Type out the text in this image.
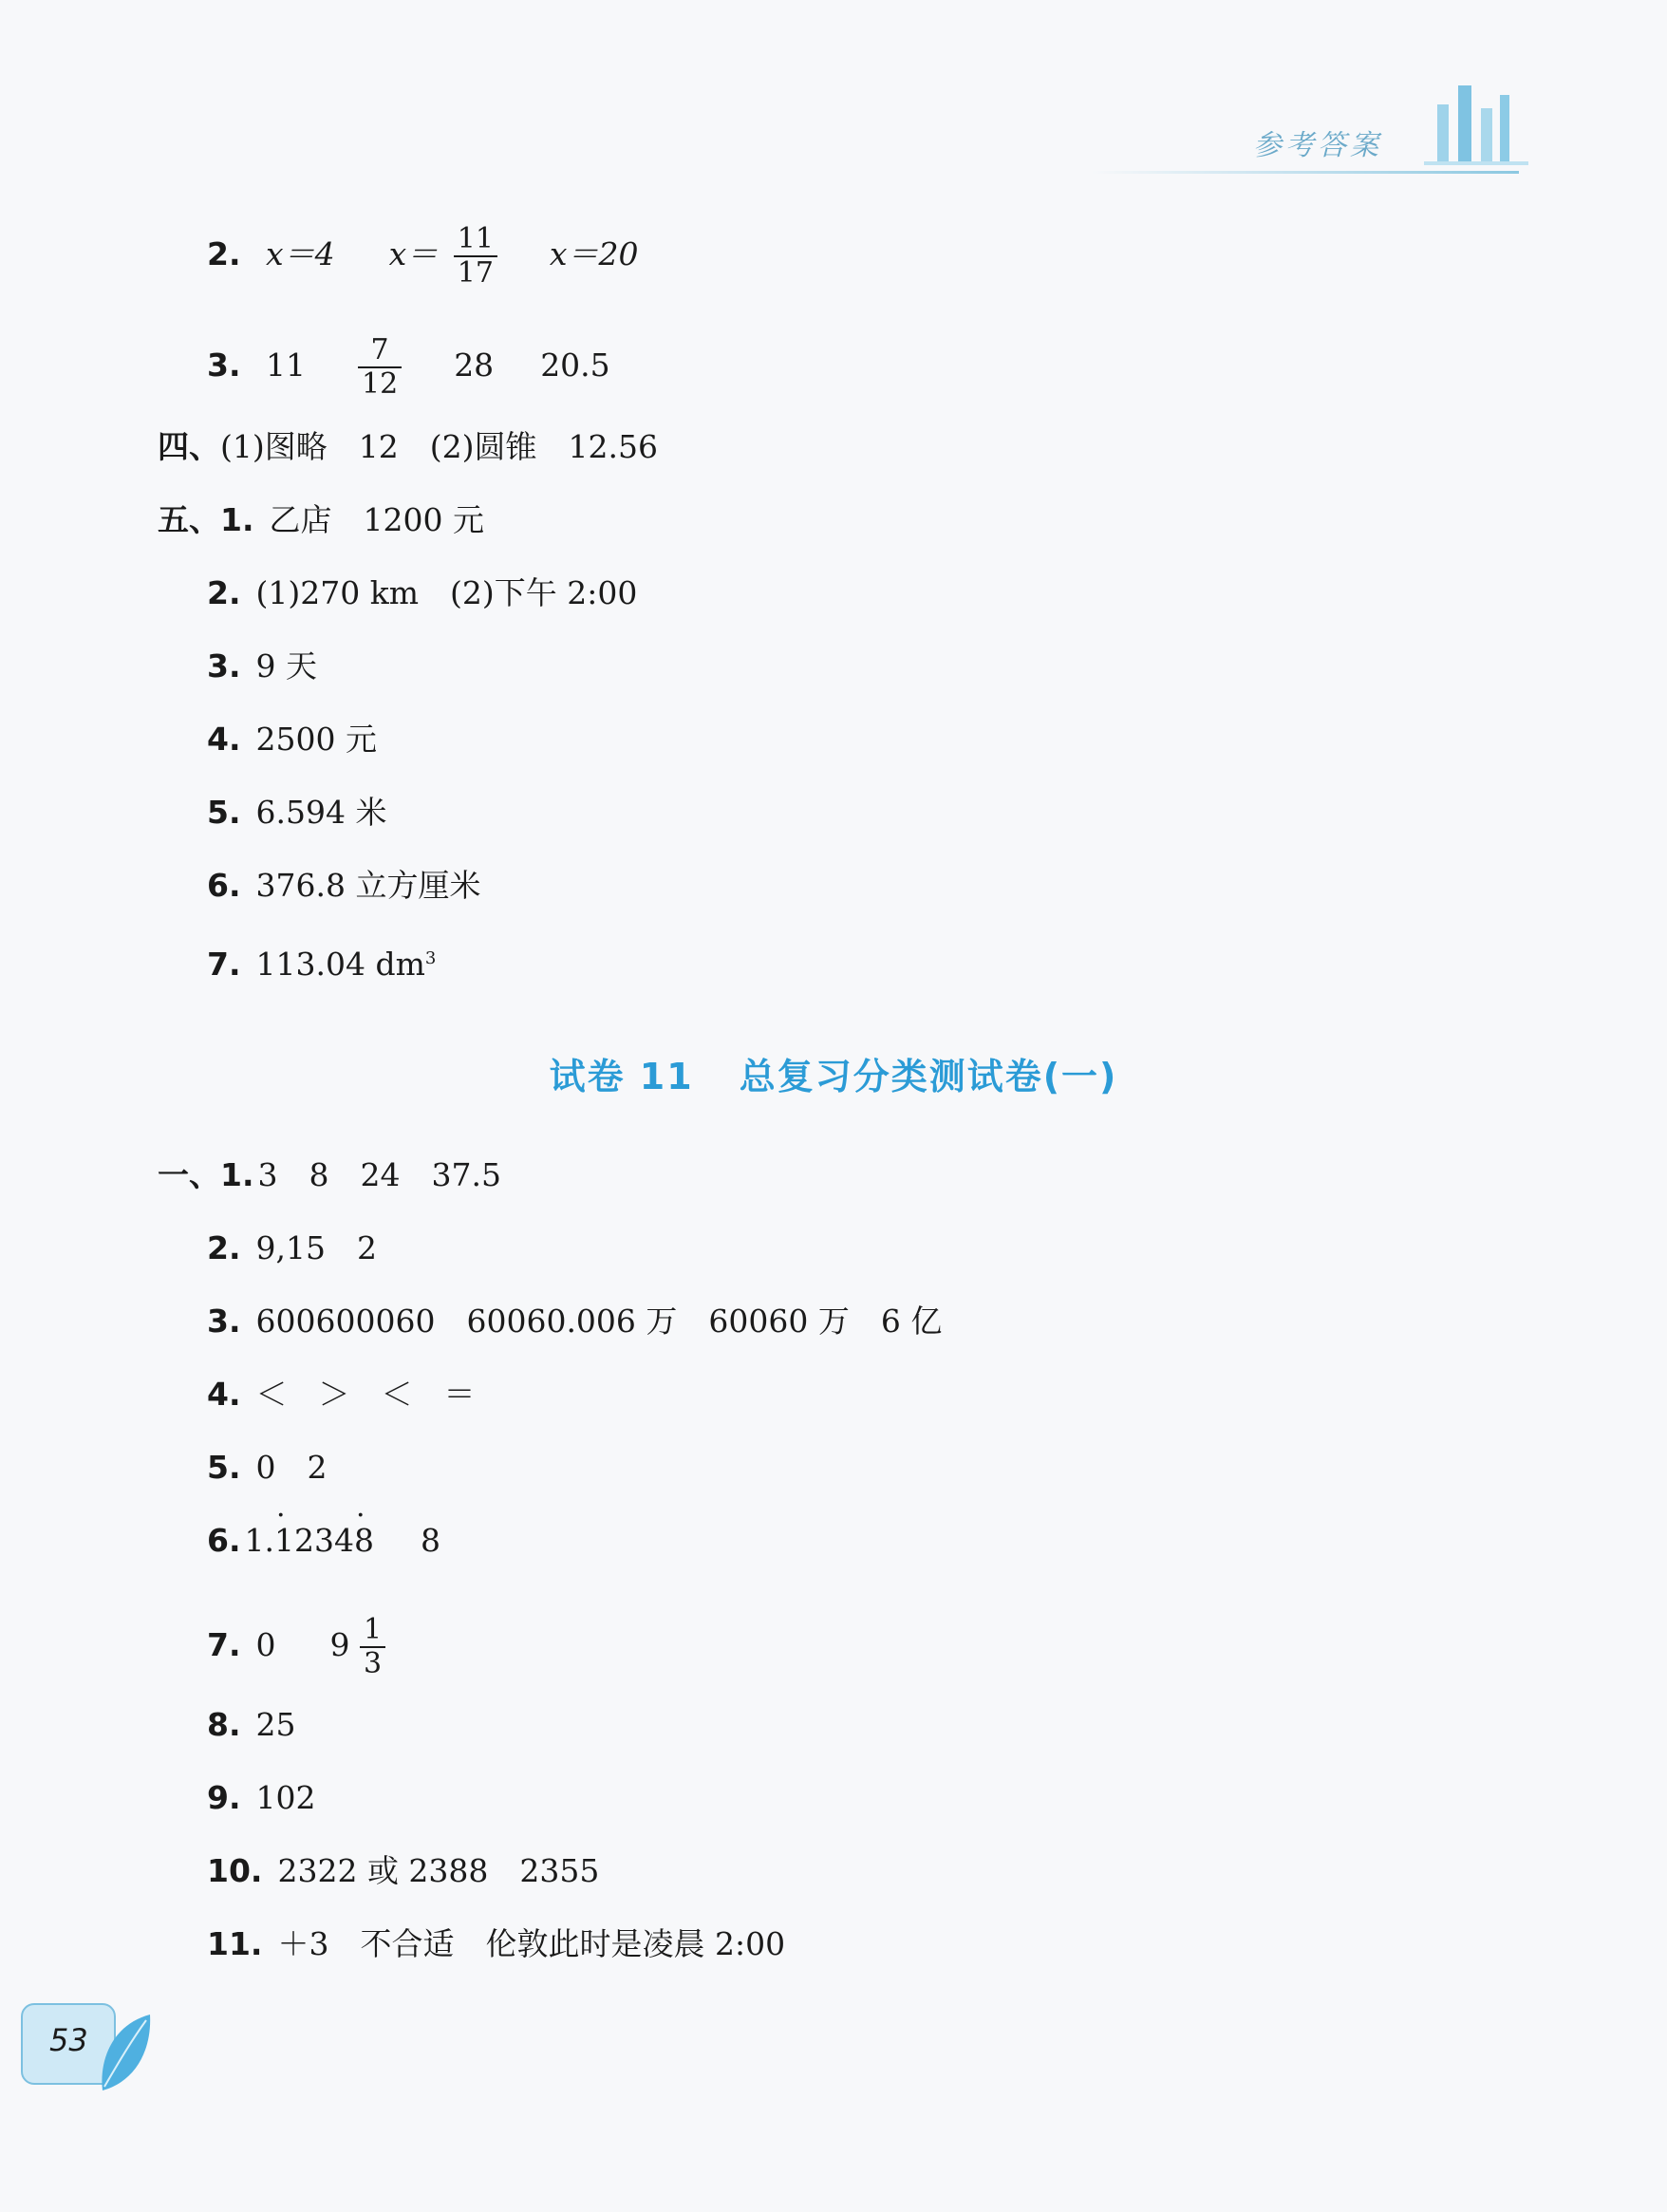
参考答案
2. x＝4 $x= \frac{11}{17} x=20$
3. $11 \frac{7}{12} 28$ 20.5
四、(1)图略　12　(2)圆锥　12.56
五、1. 乙店　1200 元
2. (1)270 km　(2)下午 2:00
3. 9 天
4. 2500 元
5. 6.594 米
6. 376.8 立方厘米
7. 113.04 $dm^3$
试卷 11 总复习分类测试卷(一)
一、1. 3　8　24　37.5
2. 9,15　2
3. 600600060　60060.006 万　60060 万　6 亿
4. ＜　＞　＜　＝
5. 0　2
6. 1.· 1234· 8 8
7. 0 $9 \frac{1}{3}$
8. 25
9. 102
10. 2322 或 2388　2355
11. ＋3　不合适　伦敦此时是凌晨 2:00
53
